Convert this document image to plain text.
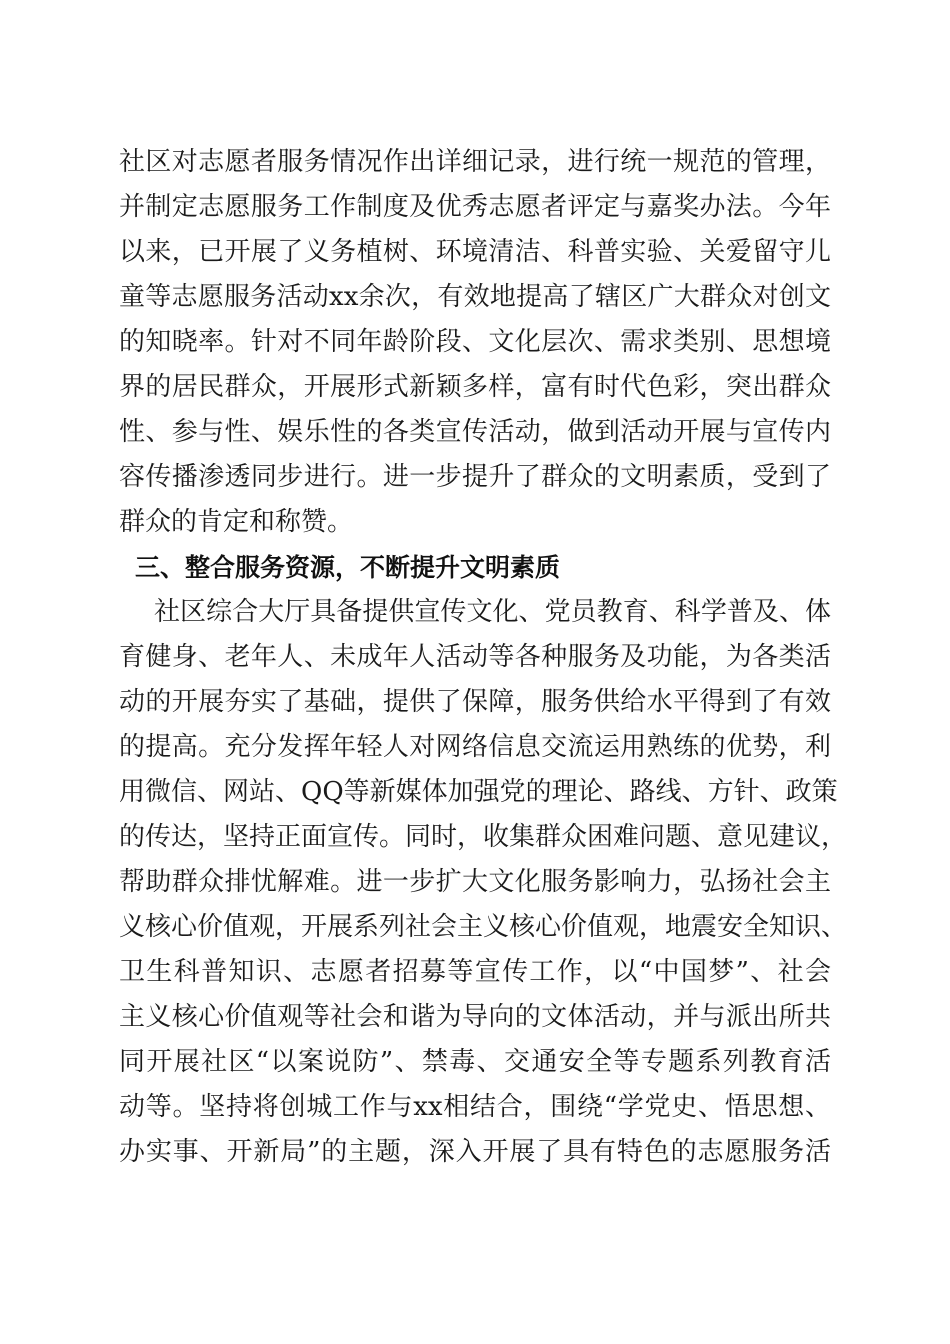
社区对志愿者服务情况作出详细记录，进行统一规范的管理，
并制定志愿服务工作制度及优秀志愿者评定与嘉奖办法。今年
以来，已开展了义务植树、环境清洁、科普实验、关爱留守儿
童等志愿服务活动xx余次，有效地提高了辖区广大群众对创文
的知晓率。针对不同年龄阶段、文化层次、需求类别、思想境
界的居民群众，开展形式新颖多样，富有时代色彩，突出群众
性、参与性、娱乐性的各类宣传活动，做到活动开展与宣传内
容传播渗透同步进行。进一步提升了群众的文明素质，受到了
群众的肯定和称赞。
三、整合服务资源，不断提升文明素质
社区综合大厅具备提供宣传文化、党员教育、科学普及、体
育健身、老年人、未成年人活动等各种服务及功能，为各类活
动的开展夯实了基础，提供了保障，服务供给水平得到了有效
的提高。充分发挥年轻人对网络信息交流运用熟练的优势，利
用微信、网站、QQ等新媒体加强党的理论、路线、方针、政策
的传达，坚持正面宣传。同时，收集群众困难问题、意见建议，
帮助群众排忧解难。进一步扩大文化服务影响力，弘扬社会主
义核心价值观，开展系列社会主义核心价值观，地震安全知识、
卫生科普知识、志愿者招募等宣传工作，以“中国梦”、社会
主义核心价值观等社会和谐为导向的文体活动，并与派出所共
同开展社区“以案说防”、禁毒、交通安全等专题系列教育活
动等。坚持将创城工作与xx相结合，围绕“学党史、悟思想、
办实事、开新局”的主题，深入开展了具有特色的志愿服务活
